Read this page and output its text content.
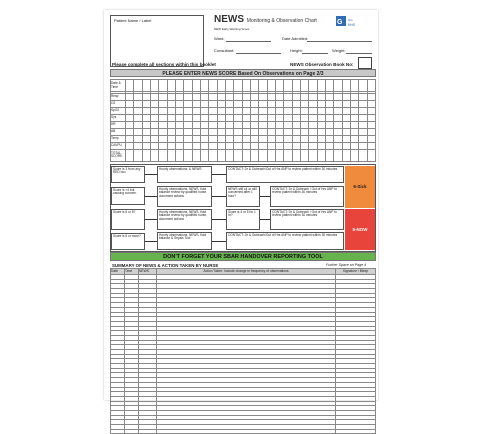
Patient Name / Label	NEWS Monitoring & Observation Chart
NEW Early Warning Score
G GG
NHS
Ward:	Date Admitted:
Consultant:	Height:	Weight:
Please complete all sections within this booklet	NEWS Observation Book No:
PLEASE ENTER NEWS SCORE Based On Observations on Page 2/3
Date & Time																														

Resp																														
O2																														
SpO2																														
Sys																														
HR																														
AB																														
Temp																														
CAVPU																														
TOTAL SCORE																														
Score is 3 from any RED box
Score is >4 but causing concern
Score is 6 or 5?
Score is 6 or more?
Hourly observations, & NEWS
Hourly observations, NEWS, fluid balance review by qualified nurse, document actions
Hourly observations, NEWS, fluid balance review by qualified nurse, document actions
Hourly observations, NEWS, fluid balance & Sepsis Tool
CONTACT: Dr & Outreach/Out of Hrs ANP to review patient within 30 minutes
NEWS still ≥4 or still concerned after 1 hour?
CONTACT: Dr & Outreach / Out of Hrs ANP to review patient within 30 minutes
Score is 4 or 5 for 1 hr?
CONTACT: Dr & Outreach / Out of Hrs ANP to review patient within 30 minutes
CONTACT: Dr & Outreach/Out of Hrs ANP to review patient within 30 minutes
6-Sick
5-NOW
DON'T FORGET YOUR SBAR HANDOVER REPORTING TOOL
SUMMARY OF NEWS & ACTION TAKEN BY NURSE	Further Space on Page 4
Date	Time	NEWS	Action Taken: Include change in frequency of observations	Signature / Bleep
